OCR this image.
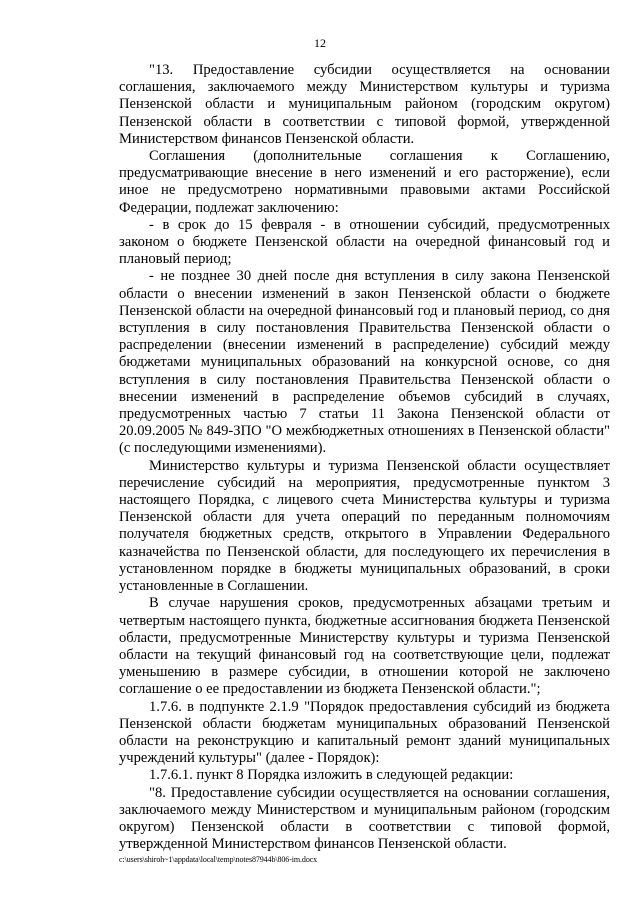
12

"13. Предоставление субсидии осуществляется на основании соглашения, заключаемого между Министерством культуры и туризма Пензенской области и муниципальным районом (городским округом) Пензенской области в соответствии с типовой формой, утвержденной Министерством финансов Пензенской области.

Соглашения (дополнительные соглашения к Соглашению, предусматривающие внесение в него изменений и его расторжение), если иное не предусмотрено нормативными правовыми актами Российской Федерации, подлежат заключению:

- в срок до 15 февраля - в отношении субсидий, предусмотренных законом о бюджете Пензенской области на очередной финансовый год и плановый период;

- не позднее 30 дней после дня вступления в силу закона Пензенской области о внесении изменений в закон Пензенской области о бюджете Пензенской области на очередной финансовый год и плановый период, со дня вступления в силу постановления Правительства Пензенской области о распределении (внесении изменений в распределение) субсидий между бюджетами муниципальных образований на конкурсной основе, со дня вступления в силу постановления Правительства Пензенской области о внесении изменений в распределение объемов субсидий в случаях, предусмотренных частью 7 статьи 11 Закона Пензенской области от 20.09.2005 № 849-ЗПО "О межбюджетных отношениях в Пензенской области" (с последующими изменениями).

Министерство культуры и туризма Пензенской области осуществляет перечисление субсидий на мероприятия, предусмотренные пунктом 3 настоящего Порядка, с лицевого счета Министерства культуры и туризма Пензенской области для учета операций по переданным полномочиям получателя бюджетных средств, открытого в Управлении Федерального казначейства по Пензенской области, для последующего их перечисления в установленном порядке в бюджеты муниципальных образований, в сроки установленные в Соглашении.

В случае нарушения сроков, предусмотренных абзацами третьим и четвертым настоящего пункта, бюджетные ассигнования бюджета Пензенской области, предусмотренные Министерству культуры и туризма Пензенской области на текущий финансовый год на соответствующие цели, подлежат уменьшению в размере субсидии, в отношении которой не заключено соглашение о ее предоставлении из бюджета Пензенской области.";

1.7.6. в подпункте 2.1.9 "Порядок предоставления субсидий из бюджета Пензенской области бюджетам муниципальных образований Пензенской области на реконструкцию и капитальный ремонт зданий муниципальных учреждений культуры" (далее - Порядок):

1.7.6.1. пункт 8 Порядка изложить в следующей редакции:

"8. Предоставление субсидии осуществляется на основании соглашения, заключаемого между Министерством и муниципальным районом (городским округом) Пензенской области в соответствии с типовой формой, утвержденной Министерством финансов Пензенской области.

c:\users\shiroh~1\appdata\local\temp\notes87944b\806-im.docx
